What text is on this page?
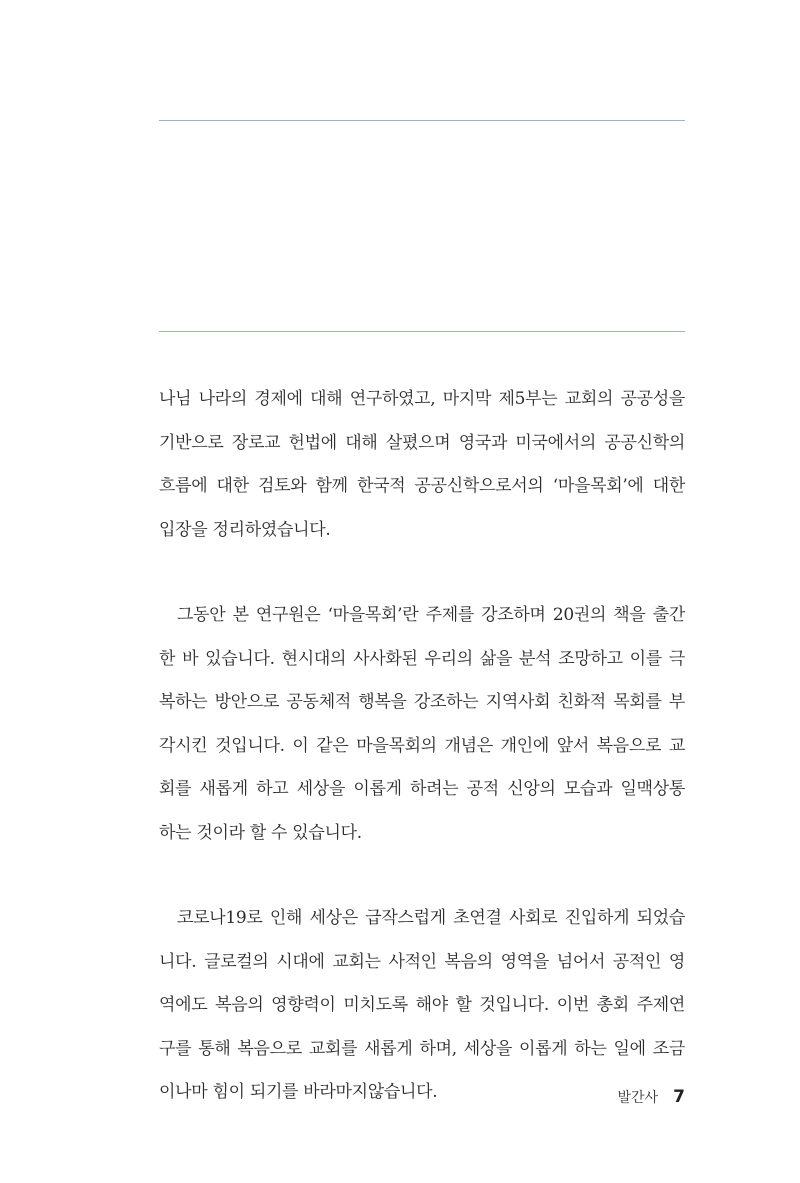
나님 나라의 경제에 대해 연구하였고, 마지막 제5부는 교회의 공공성을
기반으로 장로교 헌법에 대해 살폈으며 영국과 미국에서의 공공신학의
흐름에 대한 검토와 함께 한국적 공공신학으로서의 ‘마을목회’에 대한
입장을 정리하였습니다.
그동안 본 연구원은 ‘마을목회’란 주제를 강조하며 20권의 책을 출간
한 바 있습니다. 현시대의 사사화된 우리의 삶을 분석 조망하고 이를 극
복하는 방안으로 공동체적 행복을 강조하는 지역사회 친화적 목회를 부
각시킨 것입니다. 이 같은 마을목회의 개념은 개인에 앞서 복음으로 교
회를 새롭게 하고 세상을 이롭게 하려는 공적 신앙의 모습과 일맥상통
하는 것이라 할 수 있습니다.
코로나19로 인해 세상은 급작스럽게 초연결 사회로 진입하게 되었습
니다. 글로컬의 시대에 교회는 사적인 복음의 영역을 넘어서 공적인 영
역에도 복음의 영향력이 미치도록 해야 할 것입니다. 이번 총회 주제연
구를 통해 복음으로 교회를 새롭게 하며, 세상을 이롭게 하는 일에 조금
이나마 힘이 되기를 바라마지않습니다.	발간사 7
